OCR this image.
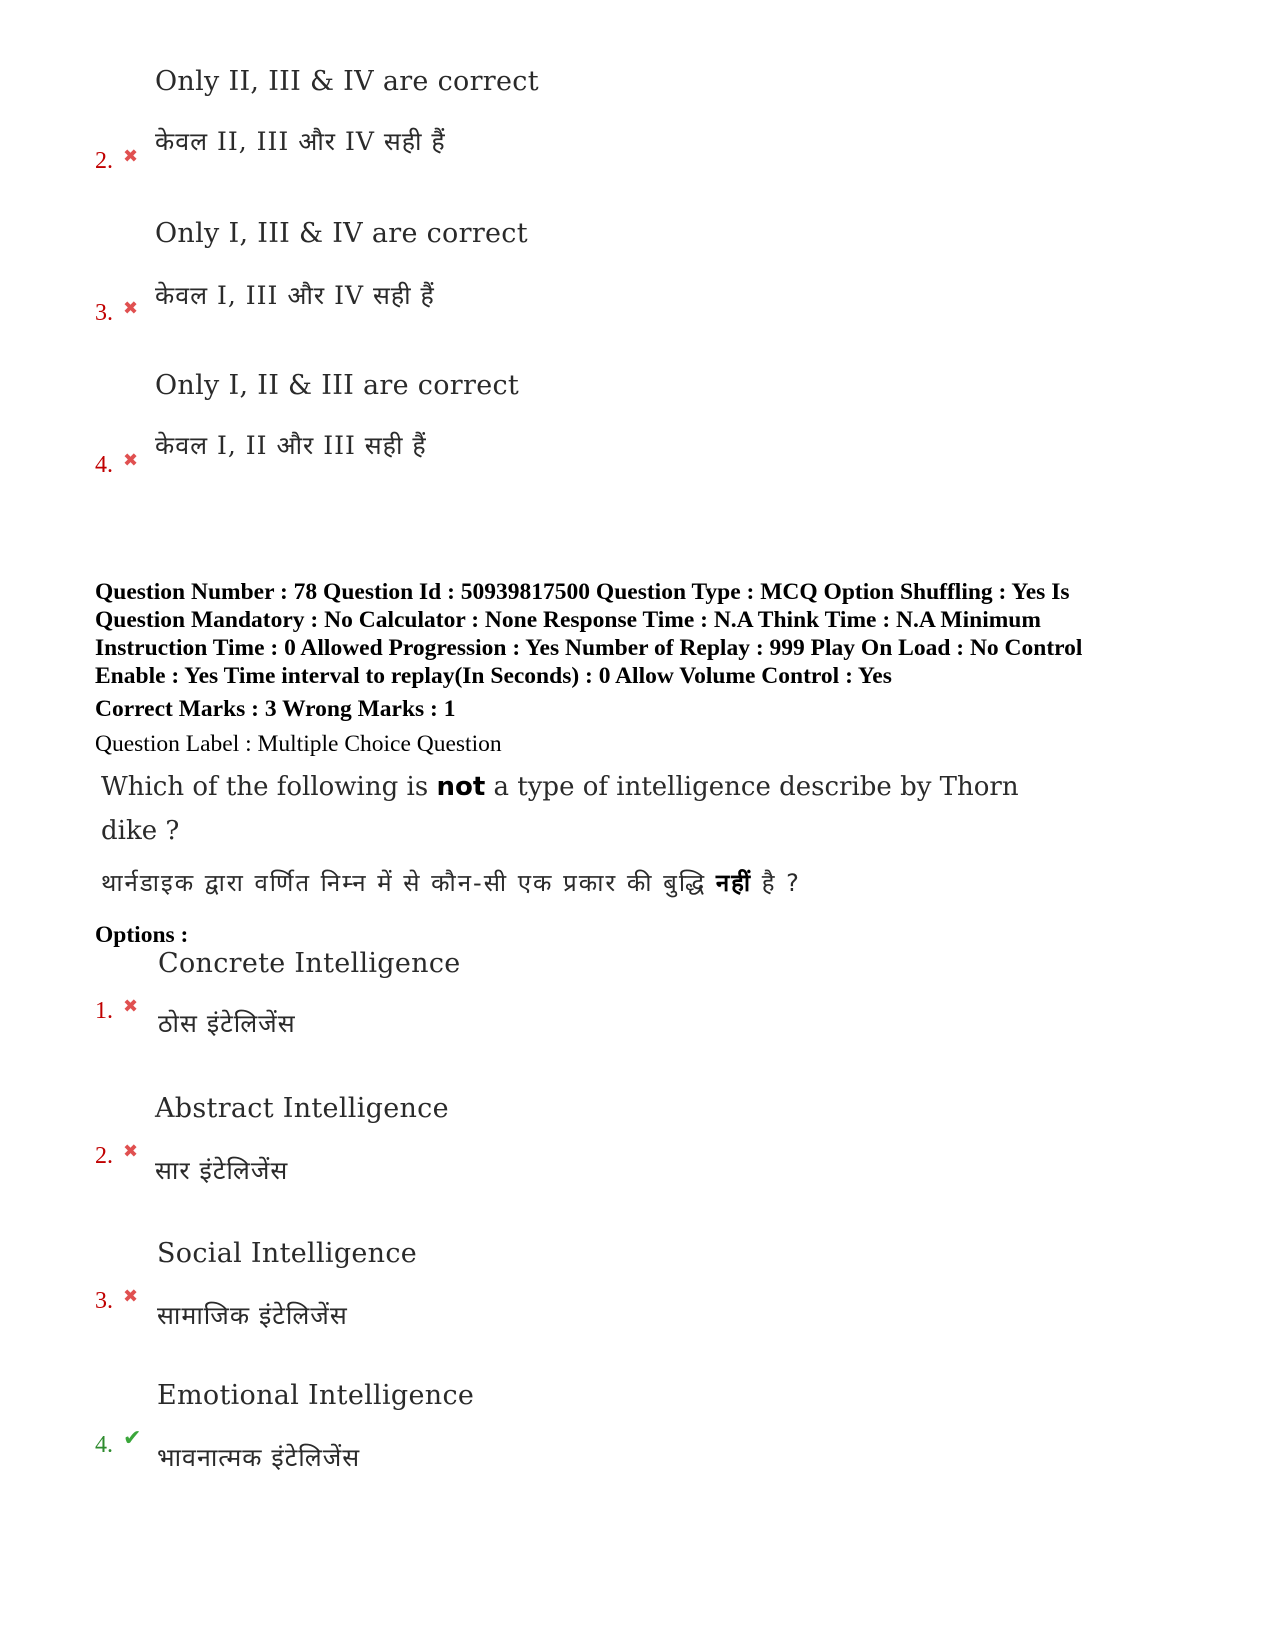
Only II, III & IV are correct
केवल II, III और IV सही हैं
2. ✖
Only I, III & IV are correct
केवल I, III और IV सही हैं
3. ✖
Only I, II & III are correct
केवल I, II और III सही हैं
4. ✖
Question Number : 78 Question Id : 50939817500 Question Type : MCQ Option Shuffling : Yes Is
Question Mandatory : No Calculator : None Response Time : N.A Think Time : N.A Minimum
Instruction Time : 0 Allowed Progression : Yes Number of Replay : 999 Play On Load : No Control
Enable : Yes Time interval to replay(In Seconds) : 0 Allow Volume Control : Yes
Correct Marks : 3 Wrong Marks : 1
Question Label : Multiple Choice Question
Which of the following is not a type of intelligence describe by Thorn
dike ?
थार्नडाइक द्वारा वर्णित निम्न में से कौन-सी एक प्रकार की बुद्धि नहीं है ?
Options :
Concrete Intelligence
ठोस इंटेलिजेंस
1. ✖
Abstract Intelligence
सार इंटेलिजेंस
2. ✖
Social Intelligence
सामाजिक इंटेलिजेंस
3. ✖
Emotional Intelligence
भावनात्मक इंटेलिजेंस
4. ✔
